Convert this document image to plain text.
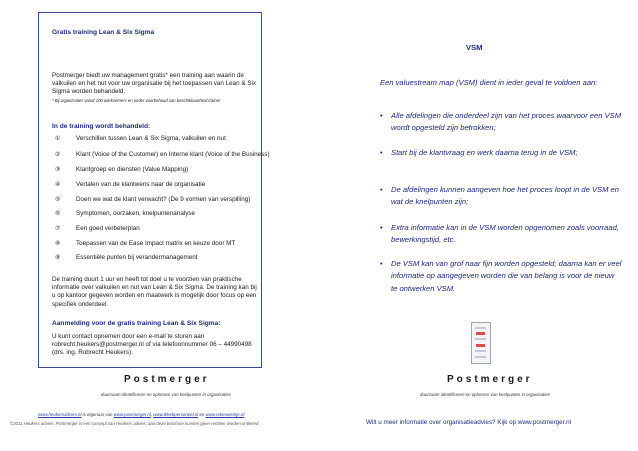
Gratis training Lean & Six Sigma
Postmerger biedt uw management gratis* een training aan waarin de valkuilen en het nut voor uw organisatie bij het toepassen van Lean & Six Sigma worden behandeld.
* Bij organisaties vanaf 100 werknemers en onder voorbehoud van beschikbaarheid trainer
In de training wordt behandeld:
① Verschillen tussen Lean & Six Sigma, valkuilen en nut
② Klant (Voice of the Customer) en Interne klant (Voice of the Business)
③ Klantgroep en diensten (Value Mapping)
④ Vertalen van de klantwens naar de organisatie
⑤ Doen we wat de klant verwacht? (De 9 vormen van verspilling)
⑥ Symptomen, oorzaken, knelpuntenanalyse
⑦ Een goed verbeterplan
⑧ Toepassen van de Ease Impact matrix en keuze door MT
⑨ Essentiële punten bij verandermanagement
De training duurt 1 uur en heeft tot doel u te voorzien van praktische informatie over valkuilen en nut van Lean & Six Sigma. De training kan bij u op kantoor gegeven worden en maatwerk is mogelijk door focus op een specifiek onderdeel.
Aanmelding voor de gratis training Lean & Six Sigma:
U kunt contact opnemen door een e-mail te sturen aan robrecht.heukers@postmerger.nl of via telefoonnummer 06 – 44990498 (drs. ing. Robrecht Heukers).
Postmerger
duurzaam identificeren en oplossen van knelpunten in organisaties
www.heukersadvies.nl is eigenaar van www.postmerger.nl, www.ikhebpersoneel.nl en www.rekenwerkje.nl.
©2011 Heukers advies. Postmerger is een concept van Heukers advies, aan deze brochure kunnen geen rechten worden ontleend
VSM
Een valuestream map (VSM) dient in ieder geval te voldoen aan:
• Alle afdelingen die onderdeel zijn van het proces waarvoor een VSM wordt opgesteld zijn betrokken;
• Start bij de klantvraag en werk daarna terug in de VSM;
• De afdelingen kunnen aangeven hoe het proces loopt in de VSM en wat de knelpunten zijn;
• Extra informatie kan in de VSM worden opgenomen zoals voorraad, bewerkingstijd, etc.
• De VSM kan van grof naar fijn worden opgesteld; daarna kan er veel informatie op aangegeven worden die van belang is voor de nieuw te ontwerken VSM.
Postmerger
duurzaam identificeren en oplossen van knelpunten in organisaties
Wilt u meer informatie over organisatieadvies? Kijk op www.postmerger.nl
